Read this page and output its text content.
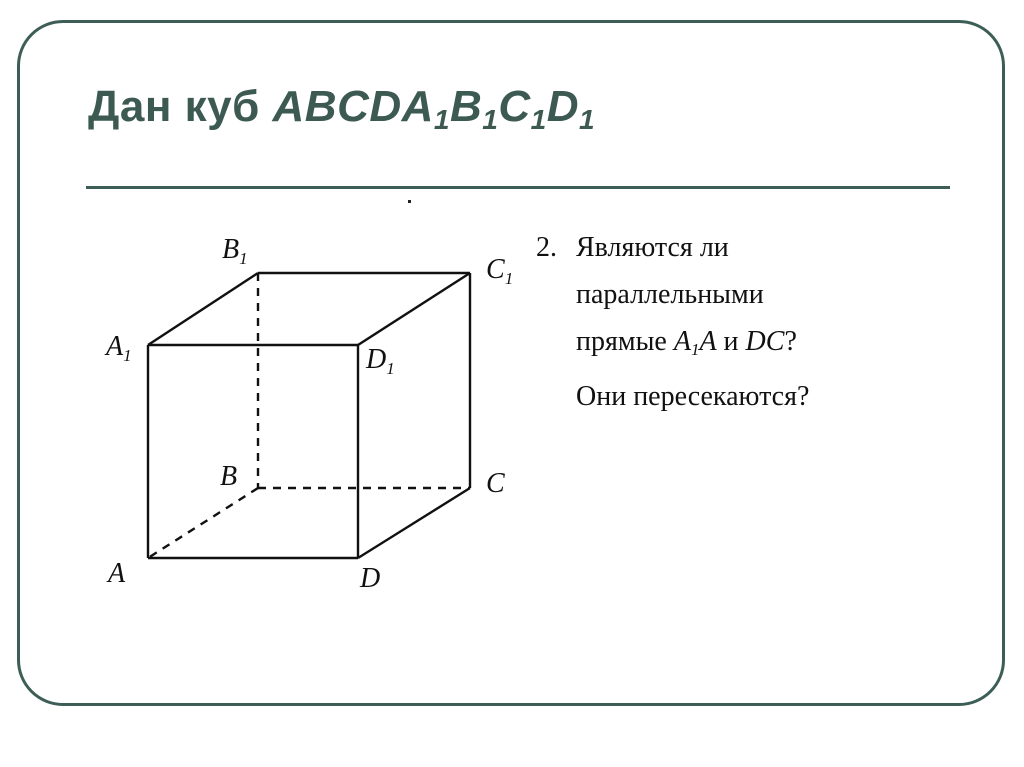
Дан куб $ABCDA_1B_1C_1D_1$
2. Являются ли
параллельными
прямые $A_1A$ и DC?
Они пересекаются?
A
B	C
D
$A_1$
$B_1$	$C_1$
$D_1$
